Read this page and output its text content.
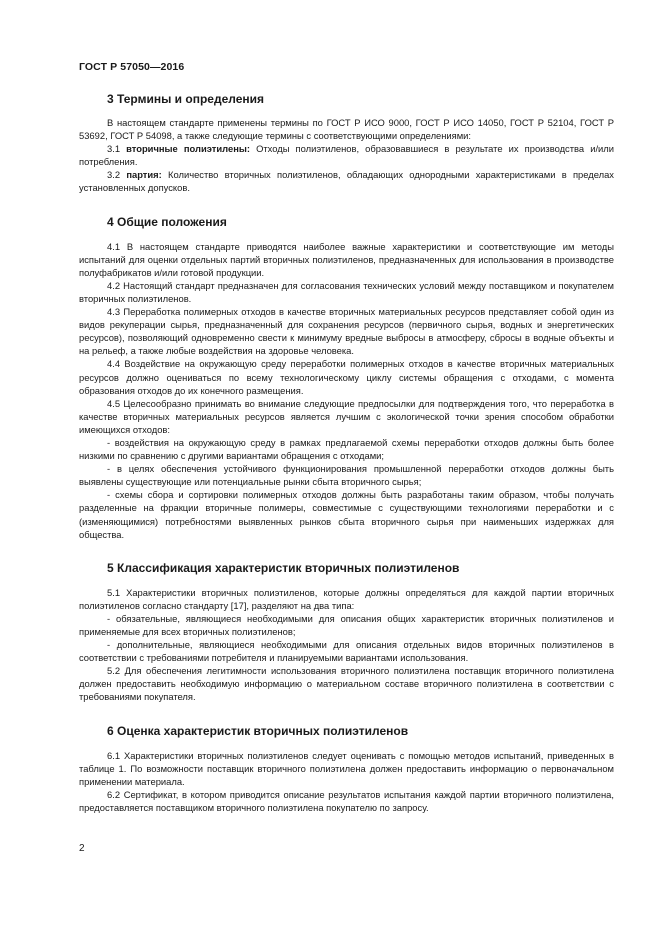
ГОСТ Р 57050—2016
3 Термины и определения

В настоящем стандарте применены термины по ГОСТ Р ИСО 9000, ГОСТ Р ИСО 14050, ГОСТ Р 52104, ГОСТ Р 53692, ГОСТ Р 54098, а также следующие термины с соответствующими определениями:

3.1 вторичные полиэтилены: Отходы полиэтиленов, образовавшиеся в результате их производства и/или потребления.

3.2 партия: Количество вторичных полиэтиленов, обладающих однородными характеристиками в пределах установленных допусков.

4 Общие положения

4.1 В настоящем стандарте приводятся наиболее важные характеристики и соответствующие им методы испытаний для оценки отдельных партий вторичных полиэтиленов, предназначенных для использования в производстве полуфабрикатов и/или готовой продукции.

4.2 Настоящий стандарт предназначен для согласования технических условий между поставщиком и покупателем вторичных полиэтиленов.

4.3 Переработка полимерных отходов в качестве вторичных материальных ресурсов представляет собой один из видов рекуперации сырья, предназначенный для сохранения ресурсов (первичного сырья, водных и энергетических ресурсов), позволяющий одновременно свести к минимуму вредные выбросы в атмосферу, сбросы в водные объекты и на рельеф, а также любые воздействия на здоровье человека.

4.4 Воздействие на окружающую среду переработки полимерных отходов в качестве вторичных материальных ресурсов должно оцениваться по всему технологическому циклу системы обращения с отходами, с момента образования отходов до их конечного размещения.

4.5 Целесообразно принимать во внимание следующие предпосылки для подтверждения того, что переработка в качестве вторичных материальных ресурсов является лучшим с экологической точки зрения способом обработки имеющихся отходов:

- воздействия на окружающую среду в рамках предлагаемой схемы переработки отходов должны быть более низкими по сравнению с другими вариантами обращения с отходами;

- в целях обеспечения устойчивого функционирования промышленной переработки отходов должны быть выявлены существующие или потенциальные рынки сбыта вторичного сырья;

- схемы сбора и сортировки полимерных отходов должны быть разработаны таким образом, чтобы получать разделенные на фракции вторичные полимеры, совместимые с существующими технологиями переработки и с (изменяющимися) потребностями выявленных рынков сбыта вторичного сырья при наименьших издержках для общества.

5 Классификация характеристик вторичных полиэтиленов

5.1 Характеристики вторичных полиэтиленов, которые должны определяться для каждой партии вторичных полиэтиленов согласно стандарту [17], разделяют на два типа:

- обязательные, являющиеся необходимыми для описания общих характеристик вторичных полиэтиленов и применяемые для всех вторичных полиэтиленов;

- дополнительные, являющиеся необходимыми для описания отдельных видов вторичных полиэтиленов в соответствии с требованиями потребителя и планируемыми вариантами использования.

5.2 Для обеспечения легитимности использования вторичного полиэтилена поставщик вторичного полиэтилена должен предоставить необходимую информацию о материальном составе вторичного полиэтилена в соответствии с требованиями покупателя.

6 Оценка характеристик вторичных полиэтиленов

6.1 Характеристики вторичных полиэтиленов следует оценивать с помощью методов испытаний, приведенных в таблице 1. По возможности поставщик вторичного полиэтилена должен предоставить информацию о первоначальном применении материала.

6.2 Сертификат, в котором приводится описание результатов испытания каждой партии вторичного полиэтилена, предоставляется поставщиком вторичного полиэтилена покупателю по запросу.

2
